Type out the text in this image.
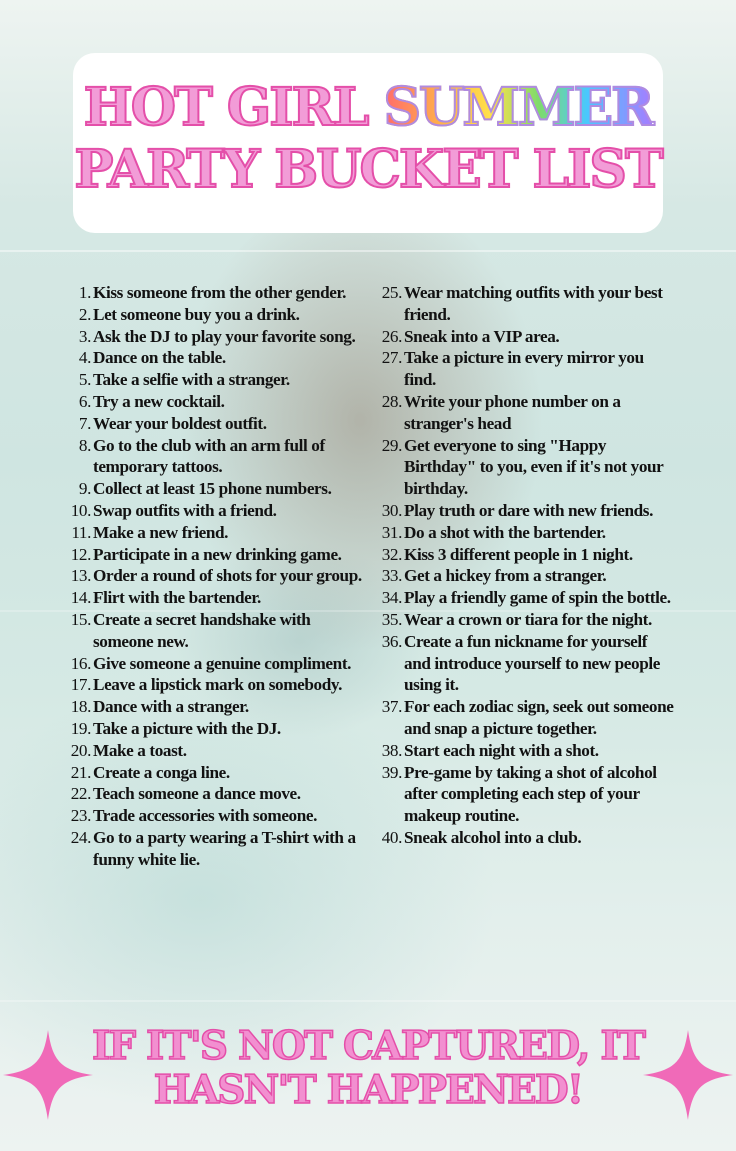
HOT GIRL SUMMER
PARTY BUCKET LIST
1. Kiss someone from the other gender.
2. Let someone buy you a drink.
3. Ask the DJ to play your favorite song.
4. Dance on the table.
5. Take a selfie with a stranger.
6. Try a new cocktail.
7. Wear your boldest outfit.
8. Go to the club with an arm full of temporary tattoos.
9. Collect at least 15 phone numbers.
10. Swap outfits with a friend.
11. Make a new friend.
12. Participate in a new drinking game.
13. Order a round of shots for your group.
14. Flirt with the bartender.
15. Create a secret handshake with someone new.
16. Give someone a genuine compliment.
17. Leave a lipstick mark on somebody.
18. Dance with a stranger.
19. Take a picture with the DJ.
20. Make a toast.
21. Create a conga line.
22. Teach someone a dance move.
23. Trade accessories with someone.
24. Go to a party wearing a T-shirt with a funny white lie.
25. Wear matching outfits with your best friend.
26. Sneak into a VIP area.
27. Take a picture in every mirror you find.
28. Write your phone number on a stranger's head
29. Get everyone to sing "Happy Birthday" to you, even if it's not your birthday.
30. Play truth or dare with new friends.
31. Do a shot with the bartender.
32. Kiss 3 different people in 1 night.
33. Get a hickey from a stranger.
34. Play a friendly game of spin the bottle.
35. Wear a crown or tiara for the night.
36. Create a fun nickname for yourself and introduce yourself to new people using it.
37. For each zodiac sign, seek out someone and snap a picture together.
38. Start each night with a shot.
39. Pre-game by taking a shot of alcohol after completing each step of your makeup routine.
40. Sneak alcohol into a club.
IF IT'S NOT CAPTURED, IT
HASN'T HAPPENED!
